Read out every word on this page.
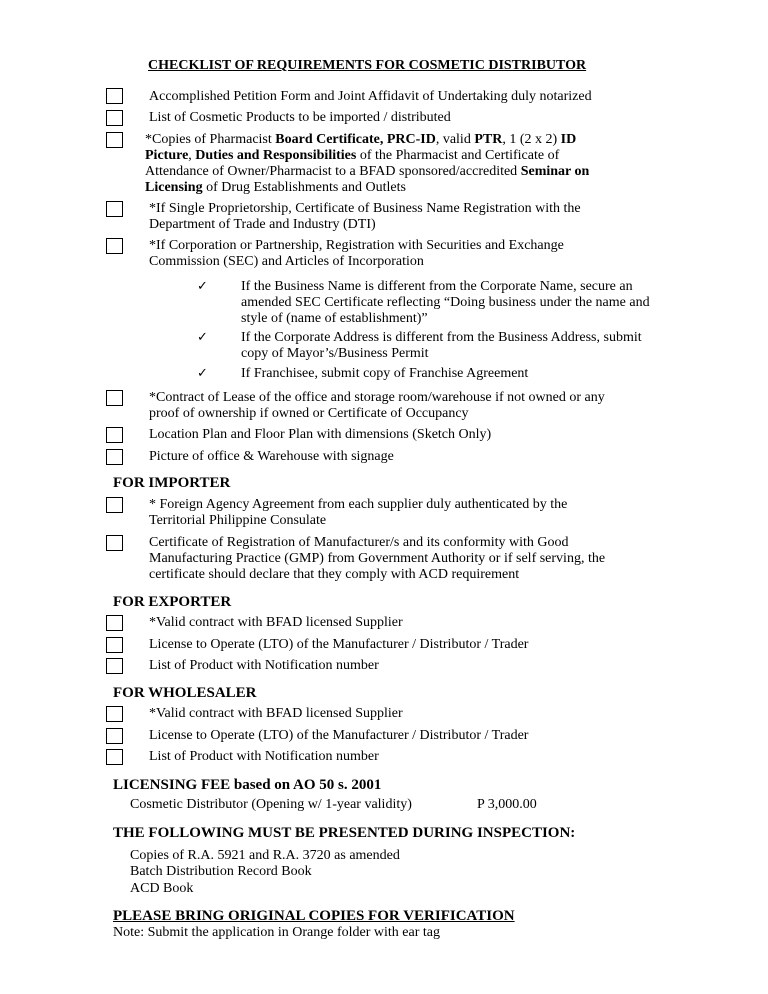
CHECKLIST OF REQUIREMENTS FOR COSMETIC DISTRIBUTOR
Accomplished Petition Form and Joint Affidavit of Undertaking duly notarized
List of Cosmetic Products to be imported / distributed
*Copies of Pharmacist Board Certificate, PRC-ID, valid PTR, 1 (2 x 2) ID Picture, Duties and Responsibilities of the Pharmacist and Certificate of Attendance of Owner/Pharmacist to a BFAD sponsored/accredited Seminar on Licensing of Drug Establishments and Outlets
*If Single Proprietorship, Certificate of Business Name Registration with the Department of Trade and Industry (DTI)
*If Corporation or Partnership, Registration with Securities and Exchange Commission (SEC) and Articles of Incorporation
✓ If the Business Name is different from the Corporate Name, secure an amended SEC Certificate reflecting “Doing business under the name and style of (name of establishment)”
✓ If the Corporate Address is different from the Business Address, submit copy of Mayor’s/Business Permit
✓ If Franchisee, submit copy of Franchise Agreement
*Contract of Lease of the office and storage room/warehouse if not owned or any proof of ownership if owned or Certificate of Occupancy
Location Plan and Floor Plan with dimensions (Sketch Only)
Picture of office & Warehouse with signage
FOR IMPORTER
* Foreign Agency Agreement from each supplier duly authenticated by the Territorial Philippine Consulate
Certificate of Registration of Manufacturer/s and its conformity with Good Manufacturing Practice (GMP) from Government Authority or if self serving, the certificate should declare that they comply with ACD requirement
FOR EXPORTER
*Valid contract with BFAD licensed Supplier
License to Operate (LTO) of the Manufacturer / Distributor / Trader
List of Product with Notification number
FOR WHOLESALER
*Valid contract with BFAD licensed Supplier
License to Operate (LTO) of the Manufacturer / Distributor / Trader
List of Product with Notification number
LICENSING FEE based on AO 50 s. 2001
Cosmetic Distributor (Opening w/ 1-year validity)	P 3,000.00
THE FOLLOWING MUST BE PRESENTED DURING INSPECTION:
Copies of R.A. 5921 and R.A. 3720 as amended
Batch Distribution Record Book
ACD Book
PLEASE BRING ORIGINAL COPIES FOR VERIFICATION
Note: Submit the application in Orange folder with ear tag
